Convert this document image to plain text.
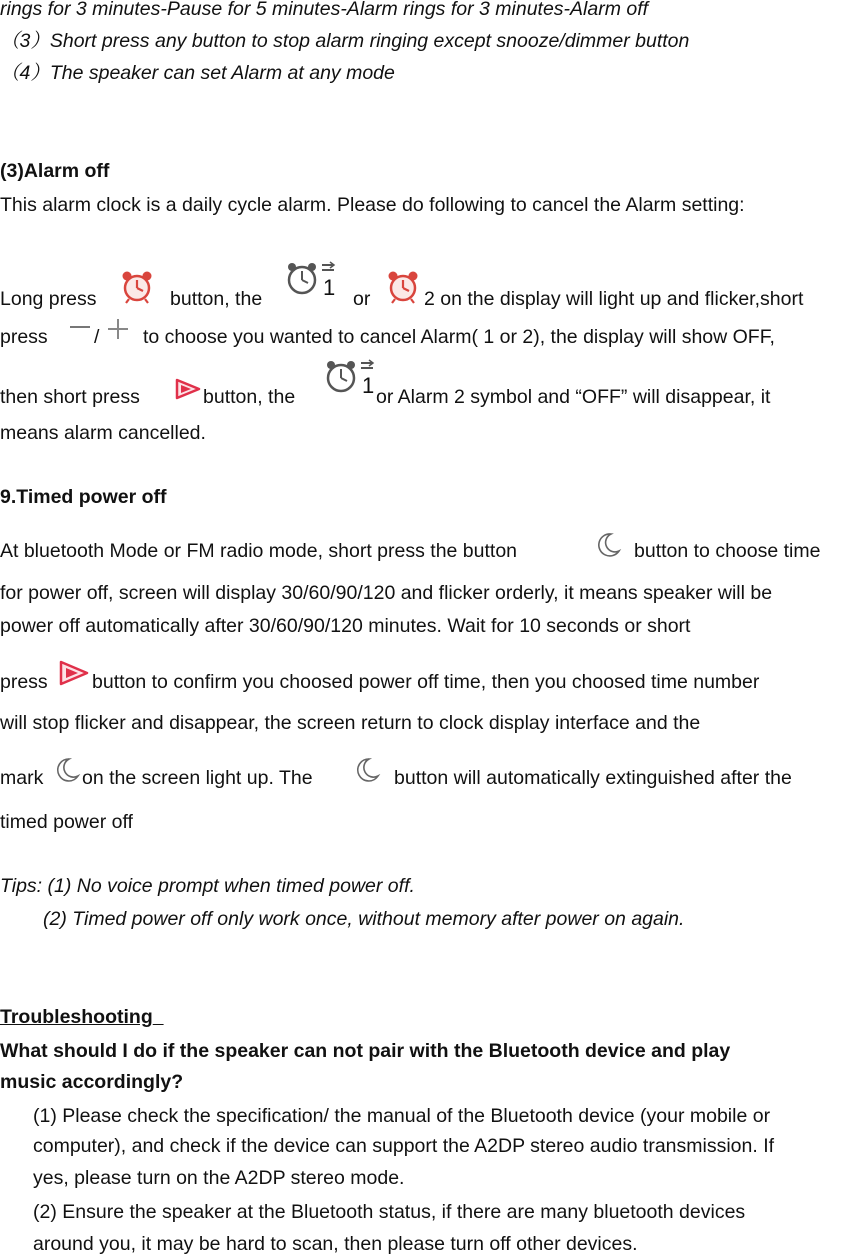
rings for 3 minutes-Pause for 5 minutes-Alarm rings for 3 minutes-Alarm off
（3）Short press any button to stop alarm ringing except snooze/dimmer button
（4）The speaker can set Alarm at any mode
(3)Alarm off
This alarm clock is a daily cycle alarm. Please do following to cancel the Alarm setting:
Long press	button, the	1 or	2 on the display will light up and flicker,short
press / to choose you wanted to cancel Alarm( 1 or 2), the display will show OFF,
then short press	button, the	1 or Alarm 2 symbol and “OFF” will disappear, it
means alarm cancelled.
9.Timed power off
At bluetooth Mode or FM radio mode, short press the button	button to choose time
for power off, screen will display 30/60/90/120 and flicker orderly, it means speaker will be
power off automatically after 30/60/90/120 minutes. Wait for 10 seconds or short
press button to confirm you choosed power off time, then you choosed time number
will stop flicker and disappear, the screen return to clock display interface and the
mark on the screen light up. The	button will automatically extinguished after the
timed power off
Tips: (1) No voice prompt when timed power off.
(2) Timed power off only work once, without memory after power on again.
Troubleshooting
What should I do if the speaker can not pair with the Bluetooth device and play
music accordingly?
(1) Please check the specification/ the manual of the Bluetooth device (your mobile or
computer), and check if the device can support the A2DP stereo audio transmission. If
yes, please turn on the A2DP stereo mode.
(2) Ensure the speaker at the Bluetooth status, if there are many bluetooth devices
around you, it may be hard to scan, then please turn off other devices.
